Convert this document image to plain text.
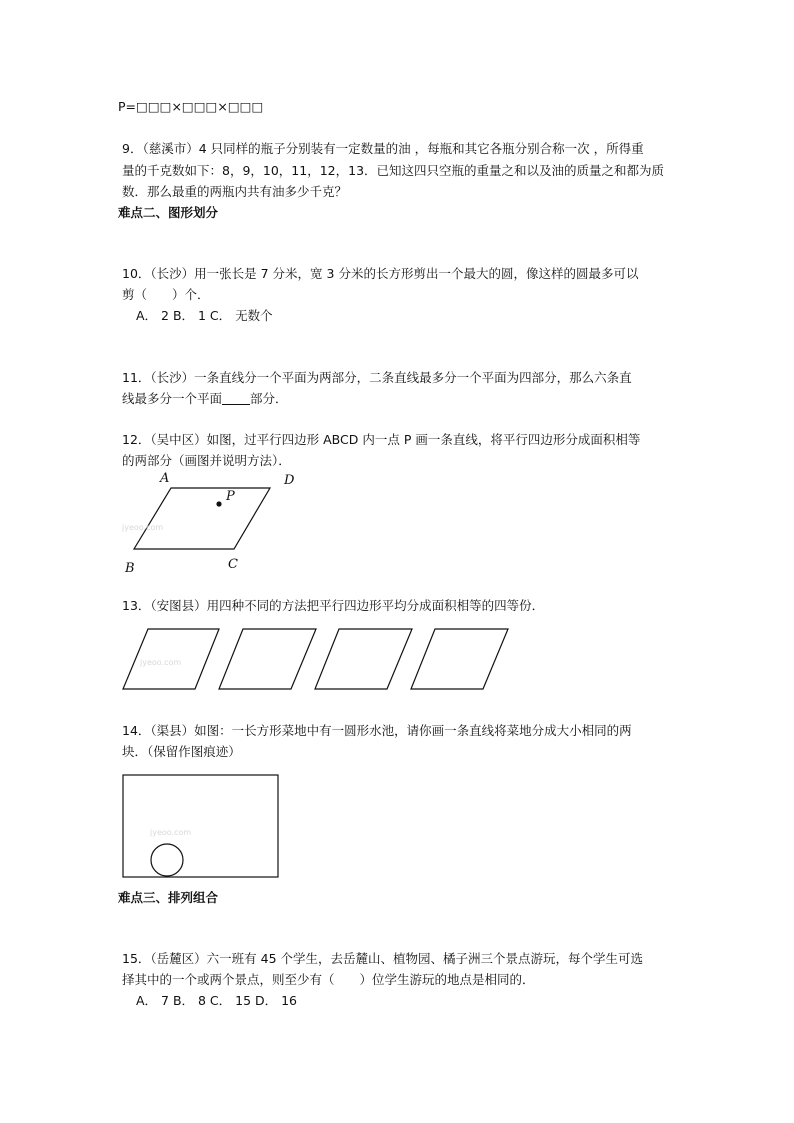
P=□□□×□□□×□□□
9．（慈溪市）4 只同样的瓶子分别装有一定数量的油 ，每瓶和其它各瓶分别合称一次 ，所得重
量的千克数如下：8，9，10，11，12，13．已知这四只空瓶的重量之和以及油的质量之和都为质
数．那么最重的两瓶内共有油多少千克？
难点二、图形划分
10．（长沙）用一张长是 7 分米，宽 3 分米的长方形剪出一个最大的圆，像这样的圆最多可以
剪（　　）个．
A． 2 B． 1 C． 无数个
11．（长沙）一条直线分一个平面为两部分，二条直线最多分一个平面为四部分，那么六条直
线最多分一个平面 部分．
12．（吴中区）如图，过平行四边形 ABCD 内一点 P 画一条直线，将平行四边形分成面积相等
的两部分（画图并说明方法）．
jyeoo.com
A	D
P
B	C
13．（安图县）用四种不同的方法把平行四边形平均分成面积相等的四等份．
jyeoo.com
14．（渠县）如图：一长方形菜地中有一圆形水池，请你画一条直线将菜地分成大小相同的两
块．（保留作图痕迹）
jyeoo.com
难点三、排列组合
15．（岳麓区）六一班有 45 个学生，去岳麓山、植物园、橘子洲三个景点游玩，每个学生可选
择其中的一个或两个景点，则至少有（　　）位学生游玩的地点是相同的．
A． 7 B． 8 C． 15 D． 16
